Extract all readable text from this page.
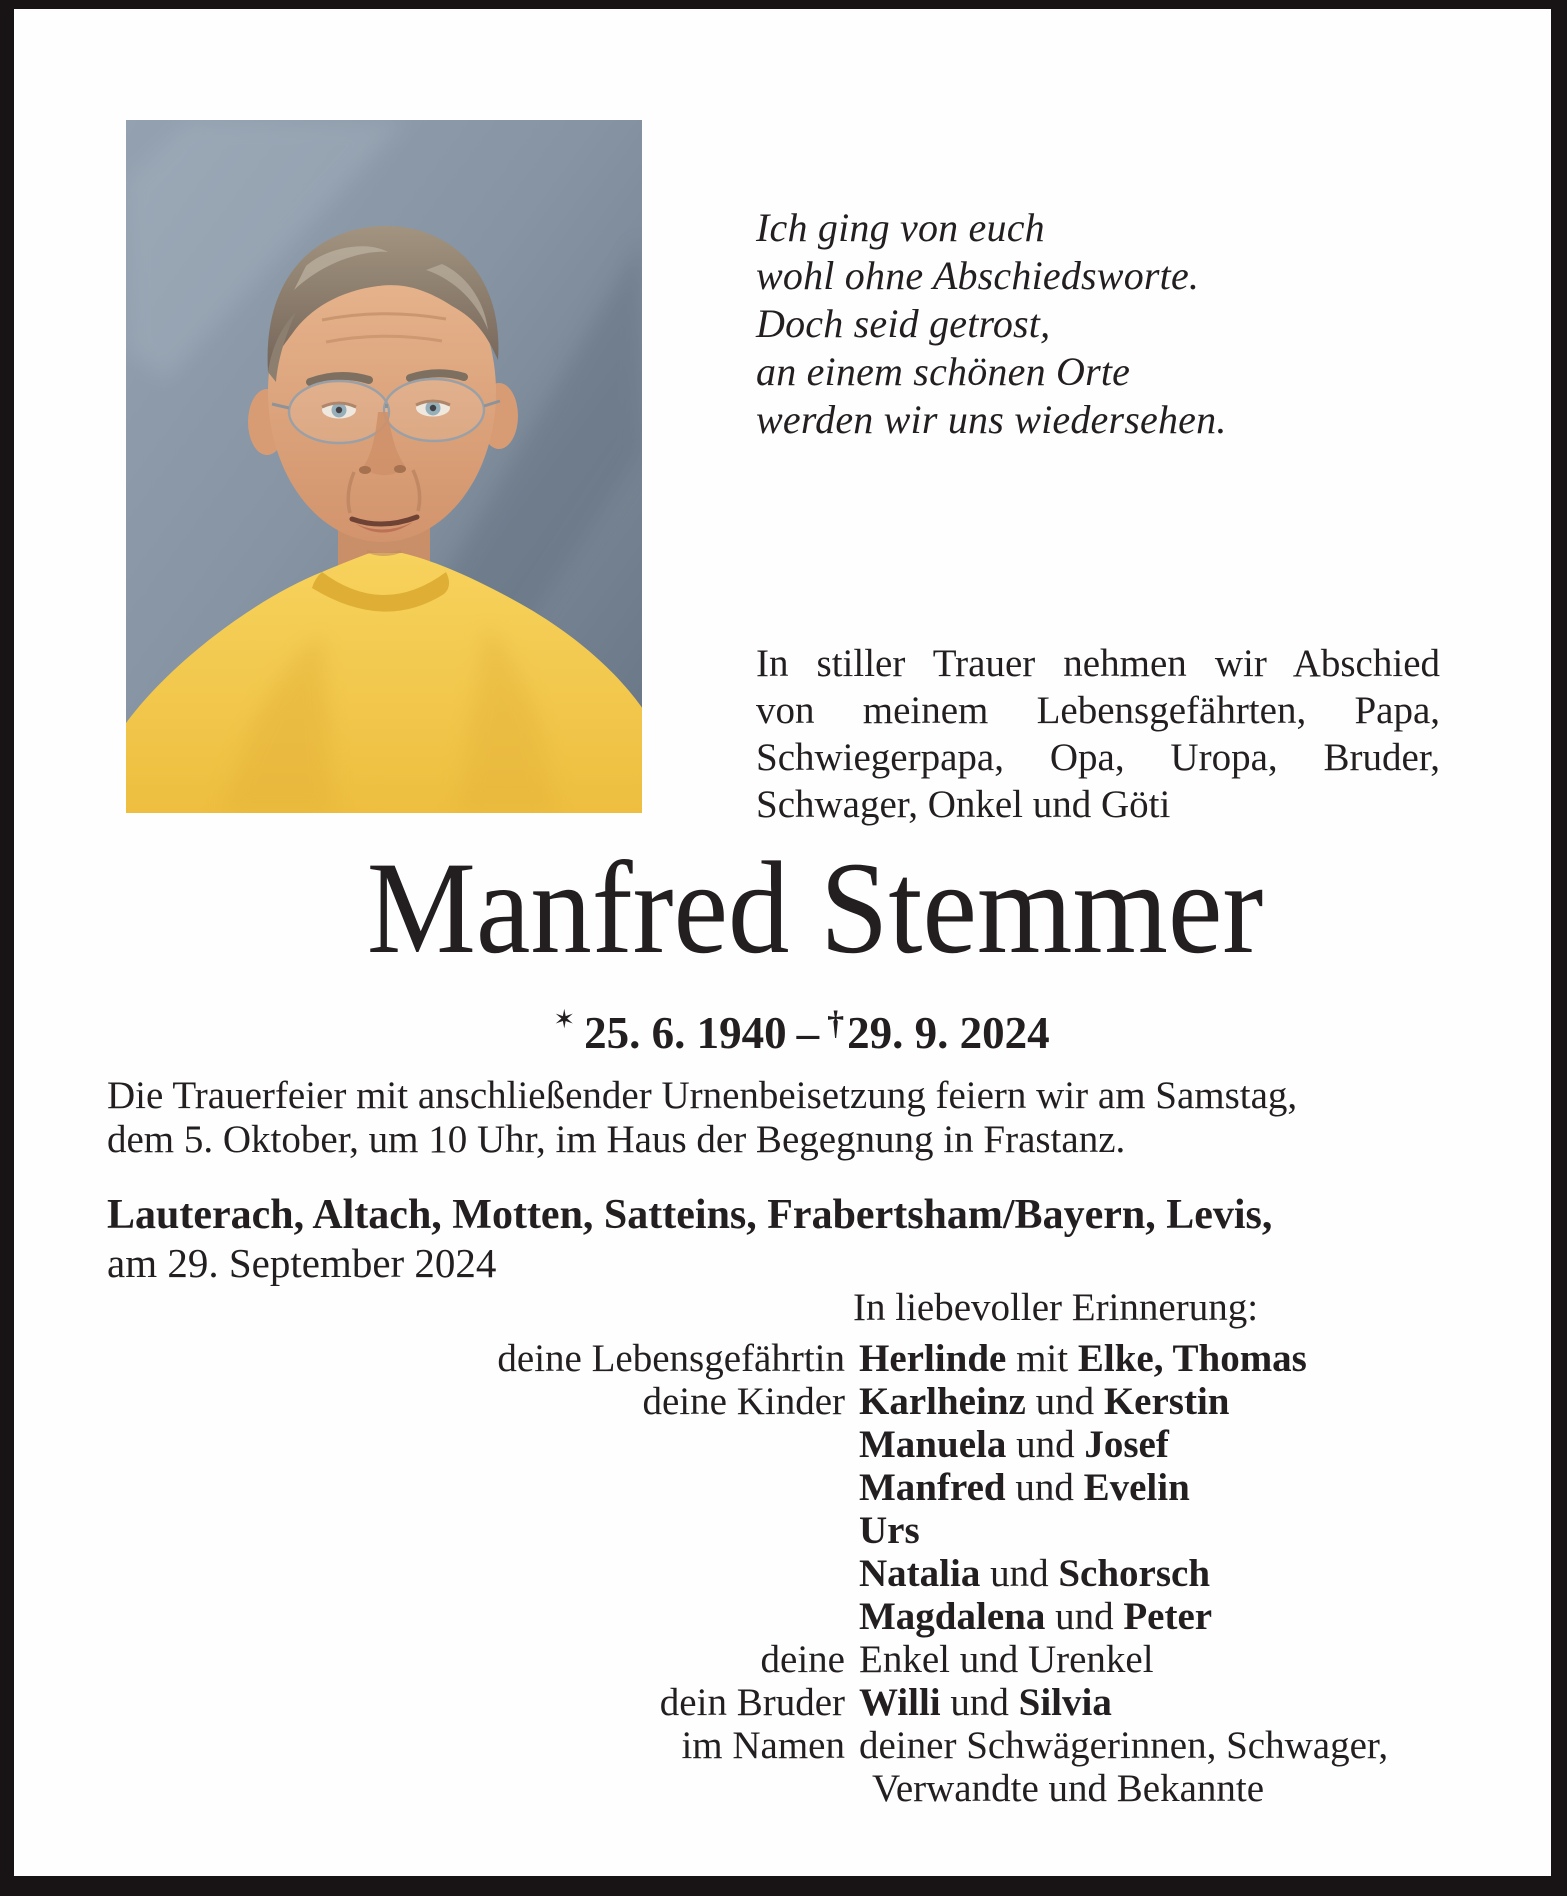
Ich ging von euch
wohl ohne Abschiedsworte.
Doch seid getrost,
an einem schönen Orte
werden wir uns wiedersehen.
In stiller Trauer nehmen wir Abschied
von meinem Lebensgefährten, Papa,
Schwiegerpapa, Opa, Uropa, Bruder,
Schwager, Onkel und Göti
Manfred Stemmer
✶ 25. 6. 1940 – †29. 9. 2024
Die Trauerfeier mit anschließender Urnenbeisetzung feiern wir am Samstag,
dem 5. Oktober, um 10 Uhr, im Haus der Begegnung in Frastanz.
Lauterach, Altach, Motten, Satteins, Frabertsham/Bayern, Levis,
am 29. September 2024
In liebevoller Erinnerung:
deine Lebensgefährtin Herlinde mit Elke, Thomas
deine Kinder Karlheinz und Kerstin
Manuela und Josef
Manfred und Evelin
Urs
Natalia und Schorsch
Magdalena und Peter
deine Enkel und Urenkel
dein Bruder Willi und Silvia
im Namen deiner Schwägerinnen, Schwager,
Verwandte und Bekannte
